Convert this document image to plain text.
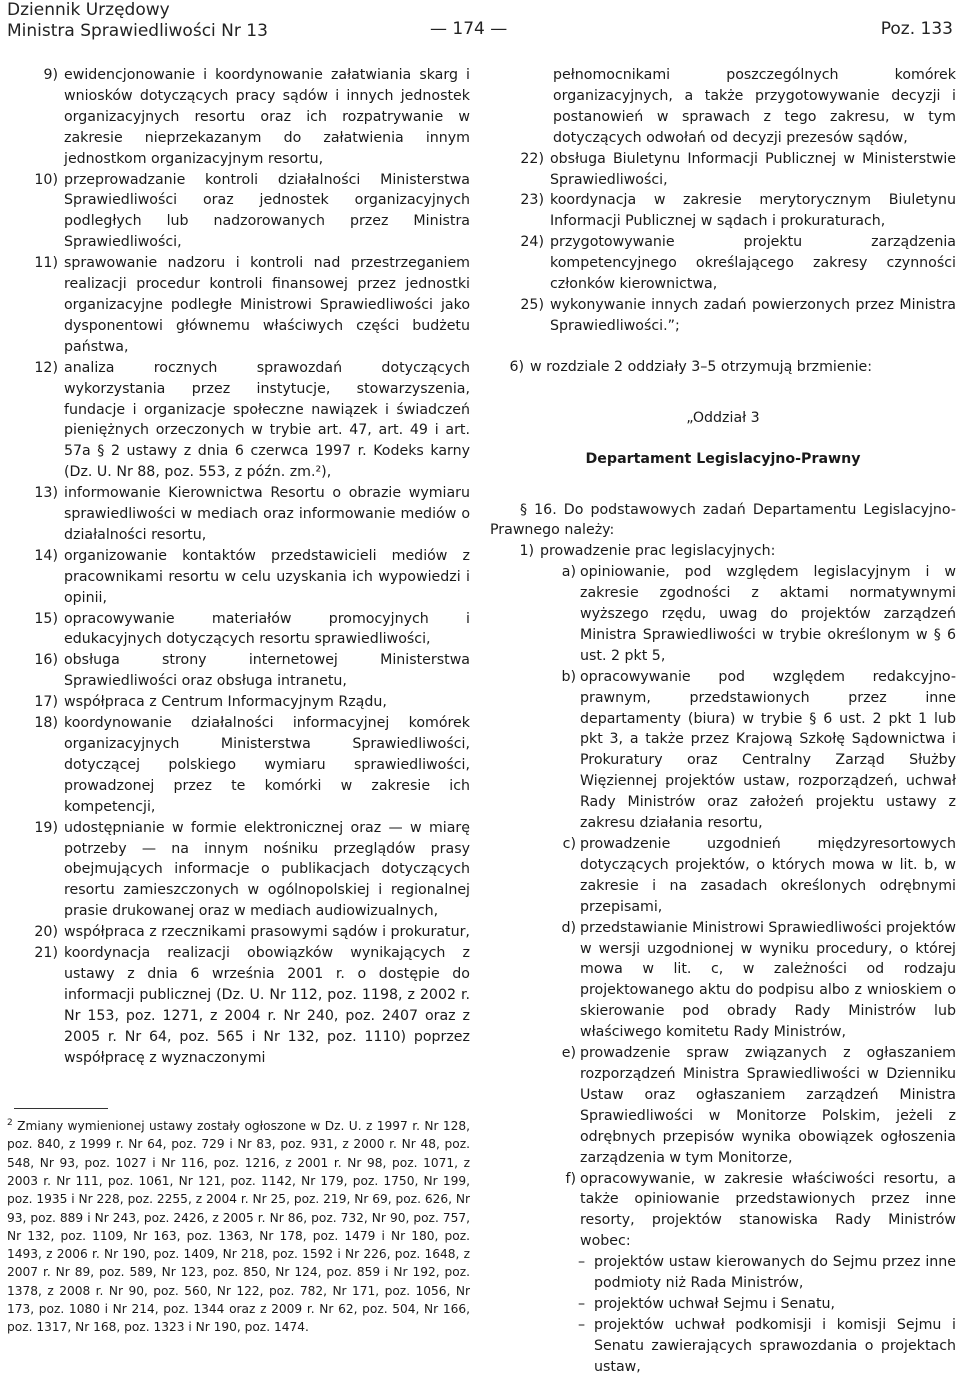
Dziennik Urzędowy
Ministra Sprawiedliwości Nr 13	— 174 —	Poz. 133
9) ewidencjonowanie i koordynowanie załatwiania skarg i wniosków dotyczących pracy sądów i innych jednostek organizacyjnych resortu oraz ich rozpatrywanie w zakresie nieprzekazanym do załatwienia innym jednostkom organizacyjnym resortu,
10) przeprowadzanie kontroli działalności Ministerstwa Sprawiedliwości oraz jednostek organizacyjnych podległych lub nadzorowanych przez Ministra Sprawiedliwości,
11) sprawowanie nadzoru i kontroli nad przestrzeganiem realizacji procedur kontroli finansowej przez jednostki organizacyjne podległe Ministrowi Sprawiedliwości jako dysponentowi głównemu właściwych części budżetu państwa,
12) analiza rocznych sprawozdań dotyczących wykorzystania przez instytucje, stowarzyszenia, fundacje i organizacje społeczne nawiązek i świadczeń pieniężnych orzeczonych w trybie art. 47, art. 49 i art. 57a § 2 ustawy z dnia 6 czerwca 1997 r. Kodeks karny (Dz. U. Nr 88, poz. 553, z późn. zm.²),
13) informowanie Kierownictwa Resortu o obrazie wymiaru sprawiedliwości w mediach oraz informowanie mediów o działalności resortu,
14) organizowanie kontaktów przedstawicieli mediów z pracownikami resortu w celu uzyskania ich wypowiedzi i opinii,
15) opracowywanie materiałów promocyjnych i edukacyjnych dotyczących resortu sprawiedliwości,
16) obsługa strony internetowej Ministerstwa Sprawiedliwości oraz obsługa intranetu,
17) współpraca z Centrum Informacyjnym Rządu,
18) koordynowanie działalności informacyjnej komórek organizacyjnych Ministerstwa Sprawiedliwości, dotyczącej polskiego wymiaru sprawiedliwości, prowadzonej przez te komórki w zakresie ich kompetencji,
19) udostępnianie w formie elektronicznej oraz — w miarę potrzeby — na innym nośniku przeglądów prasy obejmujących informacje o publikacjach dotyczących resortu zamieszczonych w ogólnopolskiej i regionalnej prasie drukowanej oraz w mediach audiowizualnych,
20) współpraca z rzecznikami prasowymi sądów i prokuratur,
21) koordynacja realizacji obowiązków wynikających z ustawy z dnia 6 września 2001 r. o dostępie do informacji publicznej (Dz. U. Nr 112, poz. 1198, z 2002 r. Nr 153, poz. 1271, z 2004 r. Nr 240, poz. 2407 oraz z 2005 r. Nr 64, poz. 565 i Nr 132, poz. 1110) poprzez współpracę z wyznaczonymi
$^2$ Zmiany wymienionej ustawy zostały ogłoszone w Dz. U. z 1997 r. Nr 128, poz. 840, z 1999 r. Nr 64, poz. 729 i Nr 83, poz. 931, z 2000 r. Nr 48, poz. 548, Nr 93, poz. 1027 i Nr 116, poz. 1216, z 2001 r. Nr 98, poz. 1071, z 2003 r. Nr 111, poz. 1061, Nr 121, poz. 1142, Nr 179, poz. 1750, Nr 199, poz. 1935 i Nr 228, poz. 2255, z 2004 r. Nr 25, poz. 219, Nr 69, poz. 626, Nr 93, poz. 889 i Nr 243, poz. 2426, z 2005 r. Nr 86, poz. 732, Nr 90, poz. 757, Nr 132, poz. 1109, Nr 163, poz. 1363, Nr 178, poz. 1479 i Nr 180, poz. 1493, z 2006 r. Nr 190, poz. 1409, Nr 218, poz. 1592 i Nr 226, poz. 1648, z 2007 r. Nr 89, poz. 589, Nr 123, poz. 850, Nr 124, poz. 859 i Nr 192, poz. 1378, z 2008 r. Nr 90, poz. 560, Nr 122, poz. 782, Nr 171, poz. 1056, Nr 173, poz. 1080 i Nr 214, poz. 1344 oraz z 2009 r. Nr 62, poz. 504, Nr 166, poz. 1317, Nr 168, poz. 1323 i Nr 190, poz. 1474.
pełnomocnikami poszczególnych komórek organizacyjnych, a także przygotowywanie decyzji i postanowień w sprawach z tego zakresu, w tym dotyczących odwołań od decyzji prezesów sądów,
22) obsługa Biuletynu Informacji Publicznej w Ministerstwie Sprawiedliwości,
23) koordynacja w zakresie merytorycznym Biuletynu Informacji Publicznej w sądach i prokuraturach,
24) przygotowywanie projektu zarządzenia kompetencyjnego określającego zakresy czynności członków kierownictwa,
25) wykonywanie innych zadań powierzonych przez Ministra Sprawiedliwości.”;
6) w rozdziale 2 oddziały 3–5 otrzymują brzmienie:
„Oddział 3
Departament Legislacyjno-Prawny
§ 16. Do podstawowych zadań Departamentu Legislacyjno-Prawnego należy:
1) prowadzenie prac legislacyjnych:
a) opiniowanie, pod względem legislacyjnym i w zakresie zgodności z aktami normatywnymi wyższego rzędu, uwag do projektów zarządzeń Ministra Sprawiedliwości w trybie określonym w § 6 ust. 2 pkt 5,
b) opracowywanie pod względem redakcyjno-prawnym, przedstawionych przez inne departamenty (biura) w trybie § 6 ust. 2 pkt 1 lub pkt 3, a także przez Krajową Szkołę Sądownictwa i Prokuratury oraz Centralny Zarząd Służby Więziennej projektów ustaw, rozporządzeń, uchwał Rady Ministrów oraz założeń projektu ustawy z zakresu działania resortu,
c) prowadzenie uzgodnień międzyresortowych dotyczących projektów, o których mowa w lit. b, w zakresie i na zasadach określonych odrębnymi przepisami,
d) przedstawianie Ministrowi Sprawiedliwości projektów w wersji uzgodnionej w wyniku procedury, o której mowa w lit. c, w zależności od rodzaju projektowanego aktu do podpisu albo z wnioskiem o skierowanie pod obrady Rady Ministrów lub właściwego komitetu Rady Ministrów,
e) prowadzenie spraw związanych z ogłaszaniem rozporządzeń Ministra Sprawiedliwości w Dzienniku Ustaw oraz ogłaszaniem zarządzeń Ministra Sprawiedliwości w Monitorze Polskim, jeżeli z odrębnych przepisów wynika obowiązek ogłoszenia zarządzenia w tym Monitorze,
f) opracowywanie, w zakresie właściwości resortu, a także opiniowanie przedstawionych przez inne resorty, projektów stanowiska Rady Ministrów wobec:
– projektów ustaw kierowanych do Sejmu przez inne podmioty niż Rada Ministrów,
– projektów uchwał Sejmu i Senatu,
– projektów uchwał podkomisji i komisji Sejmu i Senatu zawierających sprawozdania o projektach ustaw,
